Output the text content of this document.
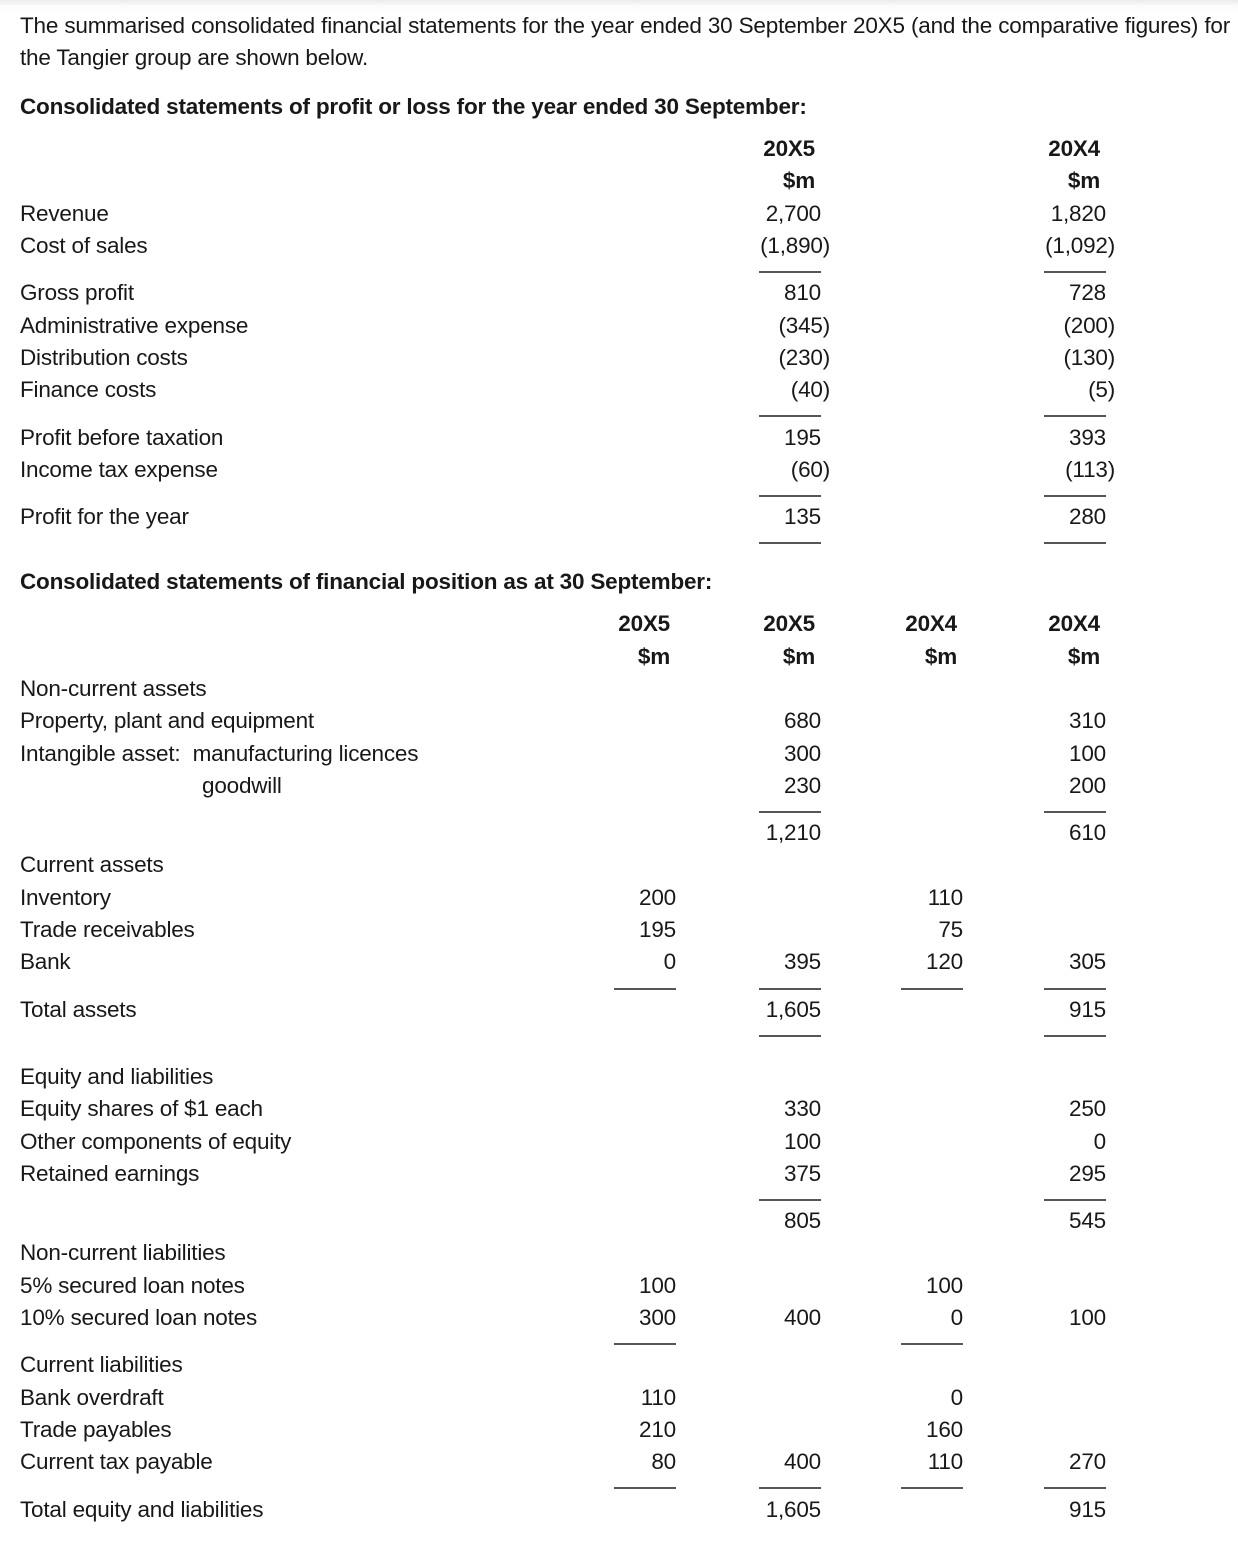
The summarised consolidated financial statements for the year ended 30 September 20X5 (and the comparative figures) for the Tangier group are shown below.

Consolidated statements of profit or loss for the year ended 30 September:
		20X5		20X4
		$m		$m
Revenue		2,700		1,820
Cost of sales		(1,890)		(1,092)

Gross profit		810		728
Administrative expense		(345)		(200)
Distribution costs		(230)		(130)
Finance costs		(40)		(5)

Profit before taxation		195		393
Income tax expense		(60)		(113)

Profit for the year		135		280

Consolidated statements of financial position as at 30 September:
	20X5	20X5	20X4	20X4
	$m	$m	$m	$m
Non-current assets				
Property, plant and equipment		680		310
Intangible asset:  manufacturing licences		300		100
goodwill		230		200

		1,210		610
Current assets				
Inventory	200		110	
Trade receivables	195		75	
Bank	0	395	120	305

Total assets		1,605		915

Equity and liabilities				
Equity shares of $1 each		330		250
Other components of equity		100		0
Retained earnings		375		295

		805		545
Non-current liabilities				
5% secured loan notes	100		100	
10% secured loan notes	300	400	0	100

Current liabilities				
Bank overdraft	110		0	
Trade payables	210		160	
Current tax payable	80	400	110	270

Total equity and liabilities		1,605		915
